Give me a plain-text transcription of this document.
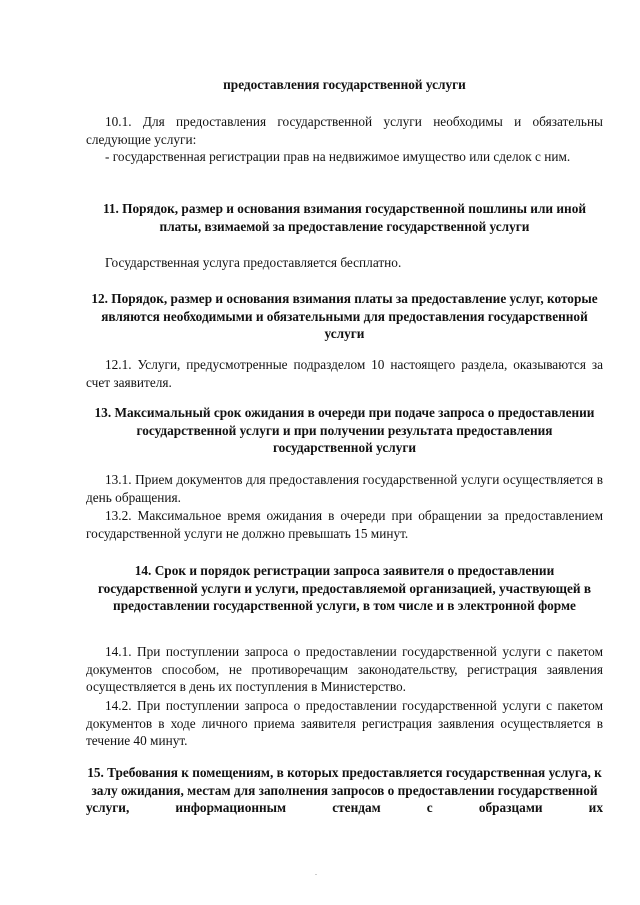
предоставления государственной услуги

10.1. Для предоставления государственной услуги необходимы и обязательны следующие услуги:

- государственная регистрации прав на недвижимое имущество или сделок с ним.

11. Порядок, размер и основания взимания государственной пошлины или иной платы, взимаемой за предоставление государственной услуги

Государственная услуга предоставляется бесплатно.

12. Порядок, размер и основания взимания платы за предоставление услуг, которые являются необходимыми и обязательными для предоставления государственной услуги

12.1. Услуги, предусмотренные подразделом 10 настоящего раздела, оказываются за счет заявителя.

13. Максимальный срок ожидания в очереди при подаче запроса о предоставлении государственной услуги и при получении результата предоставления государственной услуги

13.1. Прием документов для предоставления государственной услуги осуществляется в день обращения.

13.2. Максимальное время ожидания в очереди при обращении за предоставлением государственной услуги не должно превышать 15 минут.

14. Срок и порядок регистрации запроса заявителя о предоставлении государственной услуги и услуги, предоставляемой организацией, участвующей в предоставлении государственной услуги, в том числе и в электронной форме

14.1. При поступлении запроса о предоставлении государственной услуги с пакетом документов способом, не противоречащим законодательству, регистрация заявления осуществляется в день их поступления в Министерство.

14.2. При поступлении запроса о предоставлении государственной услуги с пакетом документов в ходе личного приема заявителя регистрация заявления осуществляется в течение 40 минут.

15. Требования к помещениям, в которых предоставляется государственная услуга, к залу ожидания, местам для заполнения запросов о предоставлении государственной услуги, информационным стендам с образцами их
